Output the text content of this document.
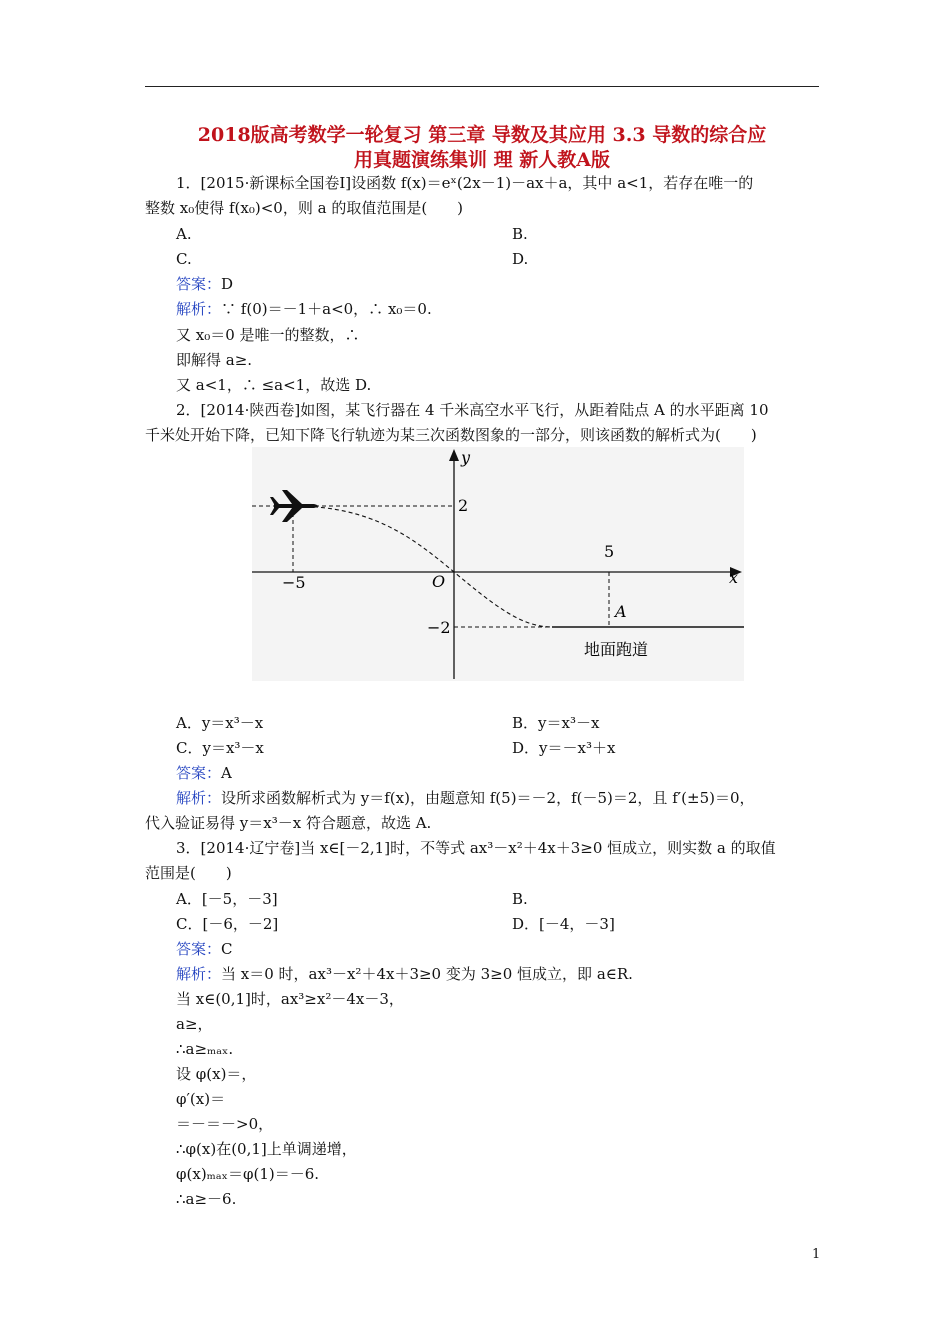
2018版高考数学一轮复习 第三章 导数及其应用 3.3 导数的综合应
用真题演练集训 理 新人教A版
1．[2015·新课标全国卷Ⅰ]设函数 f(x)＝eˣ(2x－1)－ax＋a，其中 a<1，若存在唯一的
整数 x₀使得 f(x₀)<0，则 a 的取值范围是(　　)
A.	B.
C.	D.
答案：D
解析：∵ f(0)＝－1＋a<0，∴ x₀＝0.
又 x₀＝0 是唯一的整数，∴
即解得 a≥.
又 a<1，∴ ≤a<1，故选 D.
2．[2014·陕西卷]如图，某飞行器在 4 千米高空水平飞行，从距着陆点 A 的水平距离 10
千米处开始下降，已知下降飞行轨迹为某三次函数图象的一部分，则该函数的解析式为(　　)
y
x
O
2
−2
−5
5
A
地面跑道
A．y＝x³－x	B．y＝x³－x
C．y＝x³－x	D．y＝－x³＋x
答案：A
解析：设所求函数解析式为 y＝f(x)，由题意知 f(5)＝－2，f(－5)＝2，且 f′(±5)＝0，
代入验证易得 y＝x³－x 符合题意，故选 A.
3．[2014·辽宁卷]当 x∈[－2,1]时，不等式 ax³－x²＋4x＋3≥0 恒成立，则实数 a 的取值
范围是(　　)
A．[－5，－3]	B.
C．[－6，－2]	D．[－4，－3]
答案：C
解析：当 x＝0 时，ax³－x²＋4x＋3≥0 变为 3≥0 恒成立，即 a∈R.
当 x∈(0,1]时，ax³≥x²－4x－3，
a≥，
∴a≥ₘₐₓ.
设 φ(x)＝，
φ′(x)＝
＝－＝－>0，
∴φ(x)在(0,1]上单调递增，
φ(x)ₘₐₓ＝φ(1)＝－6.
∴a≥－6.
1
